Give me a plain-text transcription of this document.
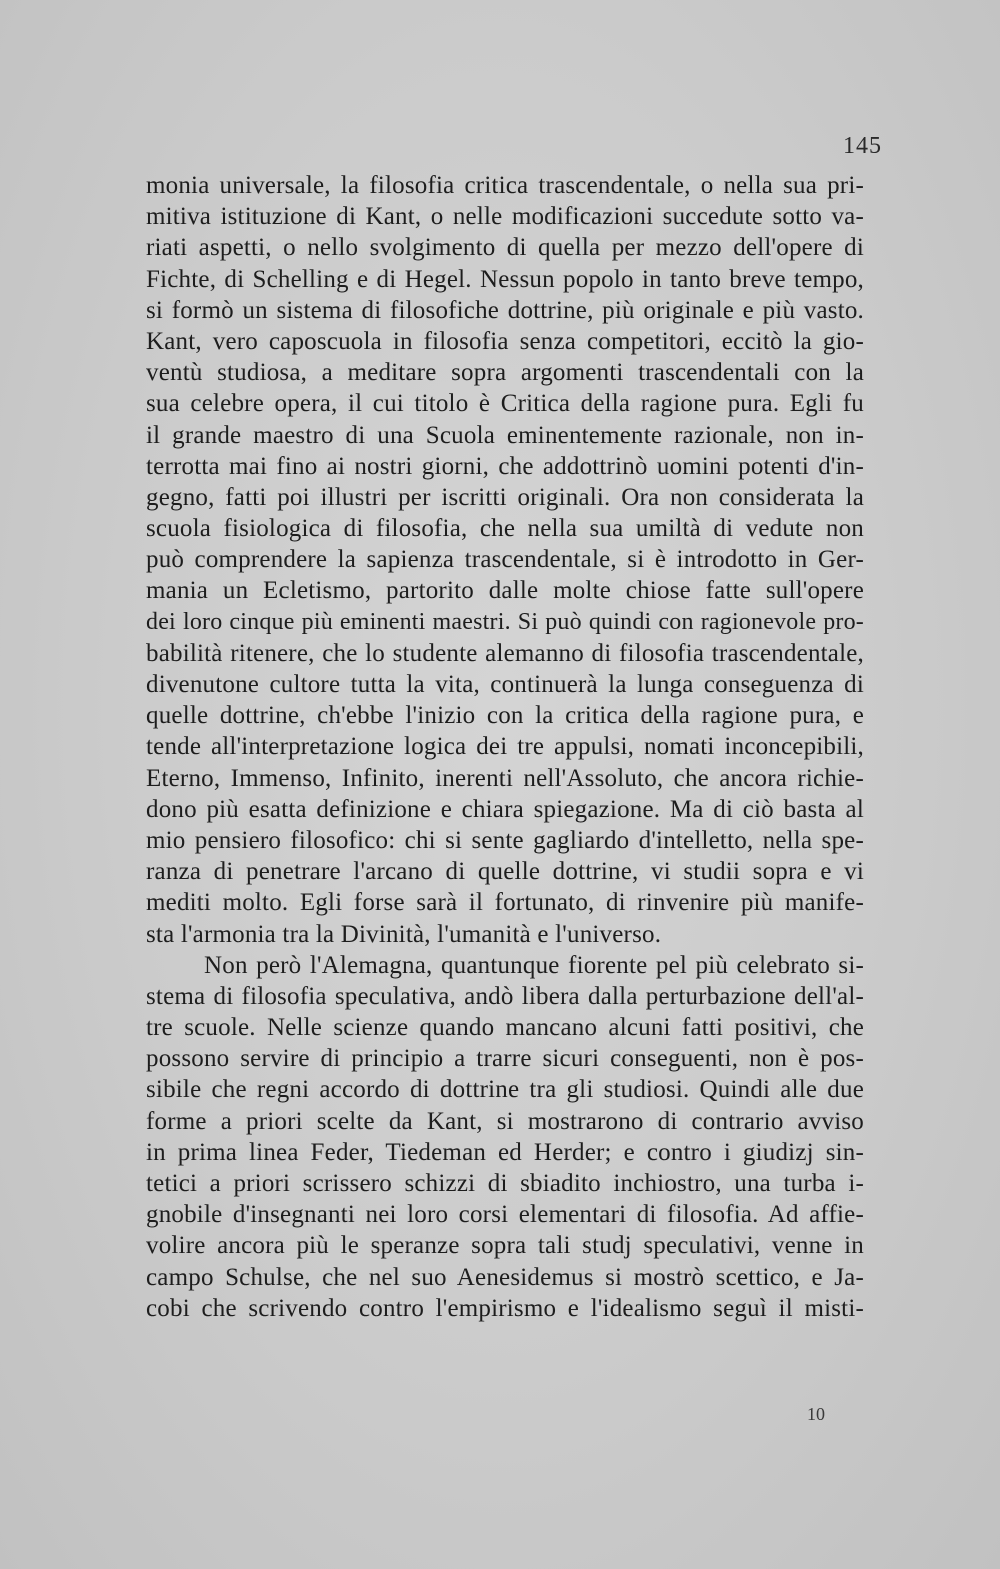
145
monia universale, la filosofia critica trascendentale, o nella sua pri-
mitiva istituzione di Kant, o nelle modificazioni succedute sotto va-
riati aspetti, o nello svolgimento di quella per mezzo dell'opere di
Fichte, di Schelling e di Hegel. Nessun popolo in tanto breve tempo,
si formò un sistema di filosofiche dottrine, più originale e più vasto.
Kant, vero caposcuola in filosofia senza competitori, eccitò la gio-
ventù studiosa, a meditare sopra argomenti trascendentali con la
sua celebre opera, il cui titolo è Critica della ragione pura. Egli fu
il grande maestro di una Scuola eminentemente razionale, non in-
terrotta mai fino ai nostri giorni, che addottrinò uomini potenti d'in-
gegno, fatti poi illustri per iscritti originali. Ora non considerata la
scuola fisiologica di filosofia, che nella sua umiltà di vedute non
può comprendere la sapienza trascendentale, si è introdotto in Ger-
mania un Ecletismo, partorito dalle molte chiose fatte sull'opere
dei loro cinque più eminenti maestri. Si può quindi con ragionevole pro-
babilità ritenere, che lo studente alemanno di filosofia trascendentale,
divenutone cultore tutta la vita, continuerà la lunga conseguenza di
quelle dottrine, ch'ebbe l'inizio con la critica della ragione pura, e
tende all'interpretazione logica dei tre appulsi, nomati inconcepibili,
Eterno, Immenso, Infinito, inerenti nell'Assoluto, che ancora richie-
dono più esatta definizione e chiara spiegazione. Ma di ciò basta al
mio pensiero filosofico: chi si sente gagliardo d'intelletto, nella spe-
ranza di penetrare l'arcano di quelle dottrine, vi studii sopra e vi
mediti molto. Egli forse sarà il fortunato, di rinvenire più manife-
sta l'armonia tra la Divinità, l'umanità e l'universo.
Non però l'Alemagna, quantunque fiorente pel più celebrato si-
stema di filosofia speculativa, andò libera dalla perturbazione dell'al-
tre scuole. Nelle scienze quando mancano alcuni fatti positivi, che
possono servire di principio a trarre sicuri conseguenti, non è pos-
sibile che regni accordo di dottrine tra gli studiosi. Quindi alle due
forme a priori scelte da Kant, si mostrarono di contrario avviso
in prima linea Feder, Tiedeman ed Herder; e contro i giudizj sin-
tetici a priori scrissero schizzi di sbiadito inchiostro, una turba i-
gnobile d'insegnanti nei loro corsi elementari di filosofia. Ad affie-
volire ancora più le speranze sopra tali studj speculativi, venne in
campo Schulse, che nel suo Aenesidemus si mostrò scettico, e Ja-
cobi che scrivendo contro l'empirismo e l'idealismo seguì il misti-
10
